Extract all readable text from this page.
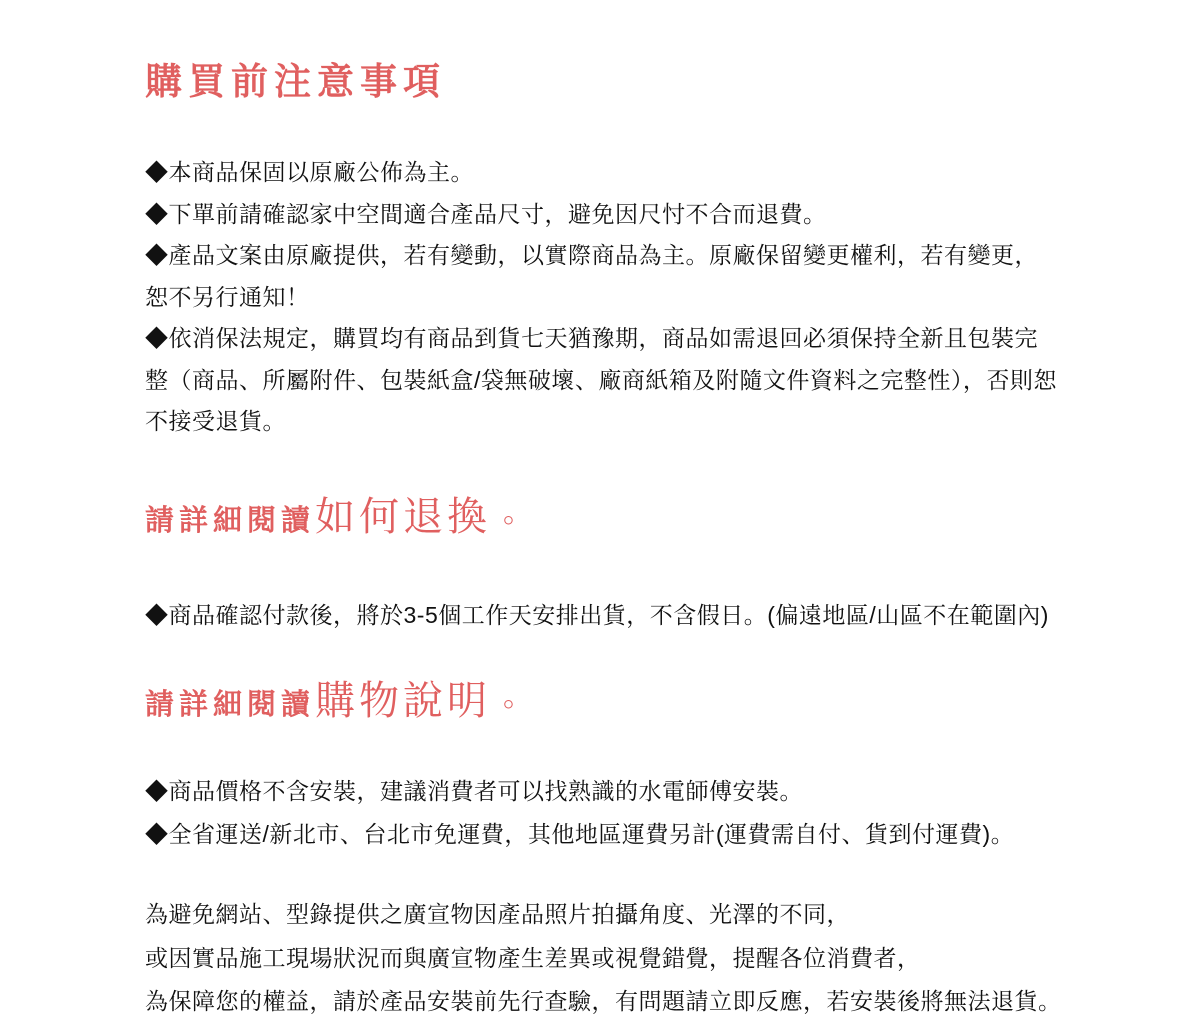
購買前注意事項
◆本商品保固以原廠公佈為主。
◆下單前請確認家中空間適合產品尺寸，避免因尺忖不合而退費。
◆產品文案由原廠提供，若有變動，以實際商品為主。原廠保留變更權利，若有變更，
恕不另行通知！
◆依消保法規定，購買均有商品到貨七天猶豫期，商品如需退回必須保持全新且包裝完
整（商品、所屬附件、包裝紙盒/袋無破壞、廠商紙箱及附隨文件資料之完整性），否則恕
不接受退貨。
請詳細閱讀如何退換 。
◆商品確認付款後，將於3-5個工作天安排出貨，不含假日。(偏遠地區/山區不在範圍內)
請詳細閱讀購物說明 。
◆商品價格不含安裝，建議消費者可以找熟識的水電師傅安裝。
◆全省運送/新北市、台北市免運費，其他地區運費另計(運費需自付、貨到付運費)。
為避免網站、型錄提供之廣宣物因產品照片拍攝角度、光澤的不同，
或因實品施工現場狀況而與廣宣物產生差異或視覺錯覺，提醒各位消費者，
為保障您的權益，請於產品安裝前先行查驗，有問題請立即反應，若安裝後將無法退貨。
